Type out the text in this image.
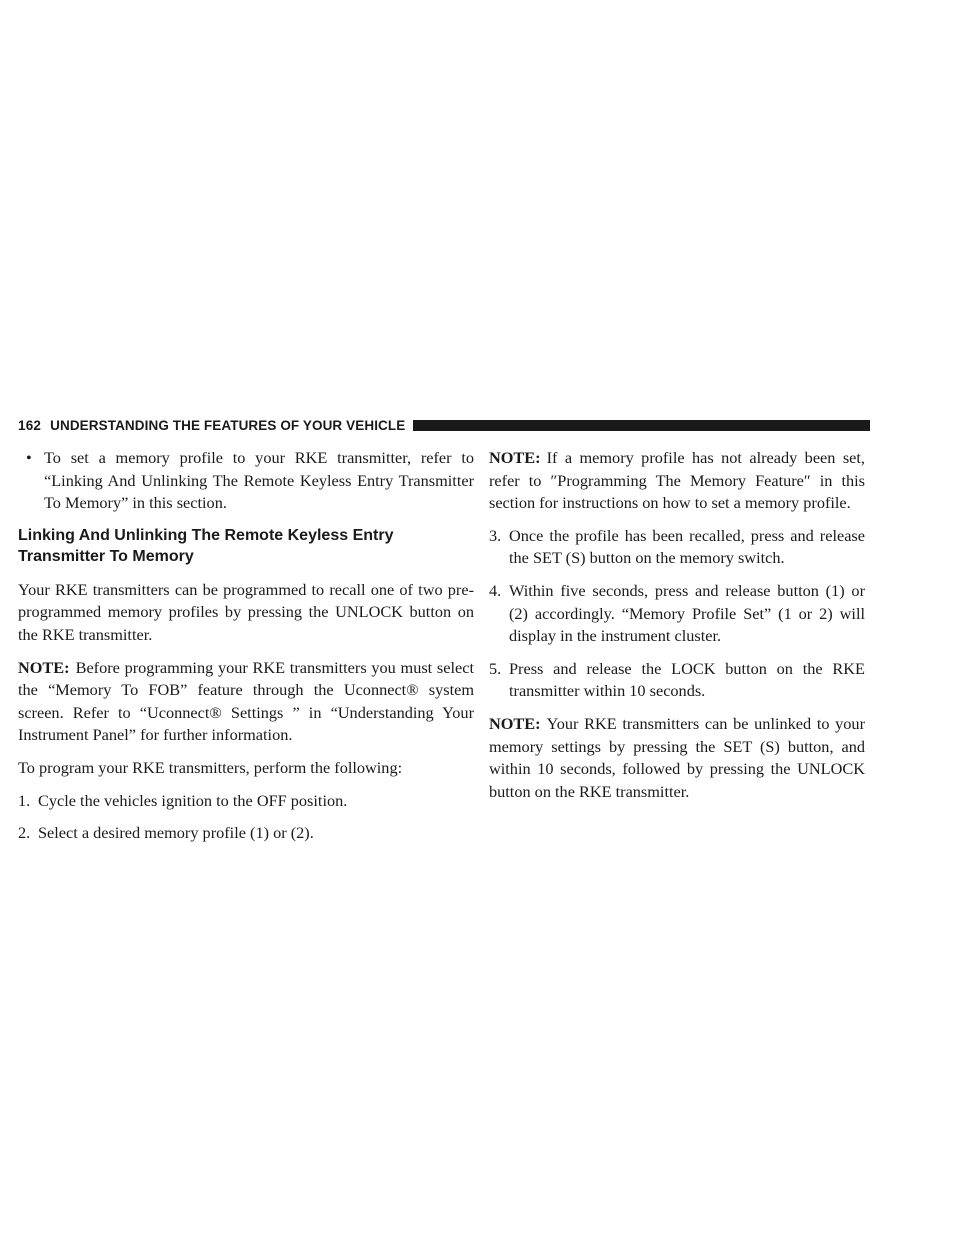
162 UNDERSTANDING THE FEATURES OF YOUR VEHICLE

• To set a memory profile to your RKE transmitter, refer to “Linking And Unlinking The Remote Keyless Entry Transmitter To Memory” in this section.

Linking And Unlinking The Remote Keyless Entry Transmitter To Memory

Your RKE transmitters can be programmed to recall one of two pre-programmed memory profiles by pressing the UNLOCK button on the RKE transmitter.

NOTE: Before programming your RKE transmitters you must select the “Memory To FOB” feature through the Uconnect® system screen. Refer to “Uconnect® Settings ” in “Understanding Your Instrument Panel” for further information.

To program your RKE transmitters, perform the following:

1. Cycle the vehicles ignition to the OFF position.

2. Select a desired memory profile (1) or (2).

NOTE: If a memory profile has not already been set, refer to ″Programming The Memory Feature″ in this section for instructions on how to set a memory profile.

3. Once the profile has been recalled, press and release the SET (S) button on the memory switch.

4. Within five seconds, press and release button (1) or (2) accordingly. “Memory Profile Set” (1 or 2) will display in the instrument cluster.

5. Press and release the LOCK button on the RKE transmitter within 10 seconds.

NOTE: Your RKE transmitters can be unlinked to your memory settings by pressing the SET (S) button, and within 10 seconds, followed by pressing the UNLOCK button on the RKE transmitter.
